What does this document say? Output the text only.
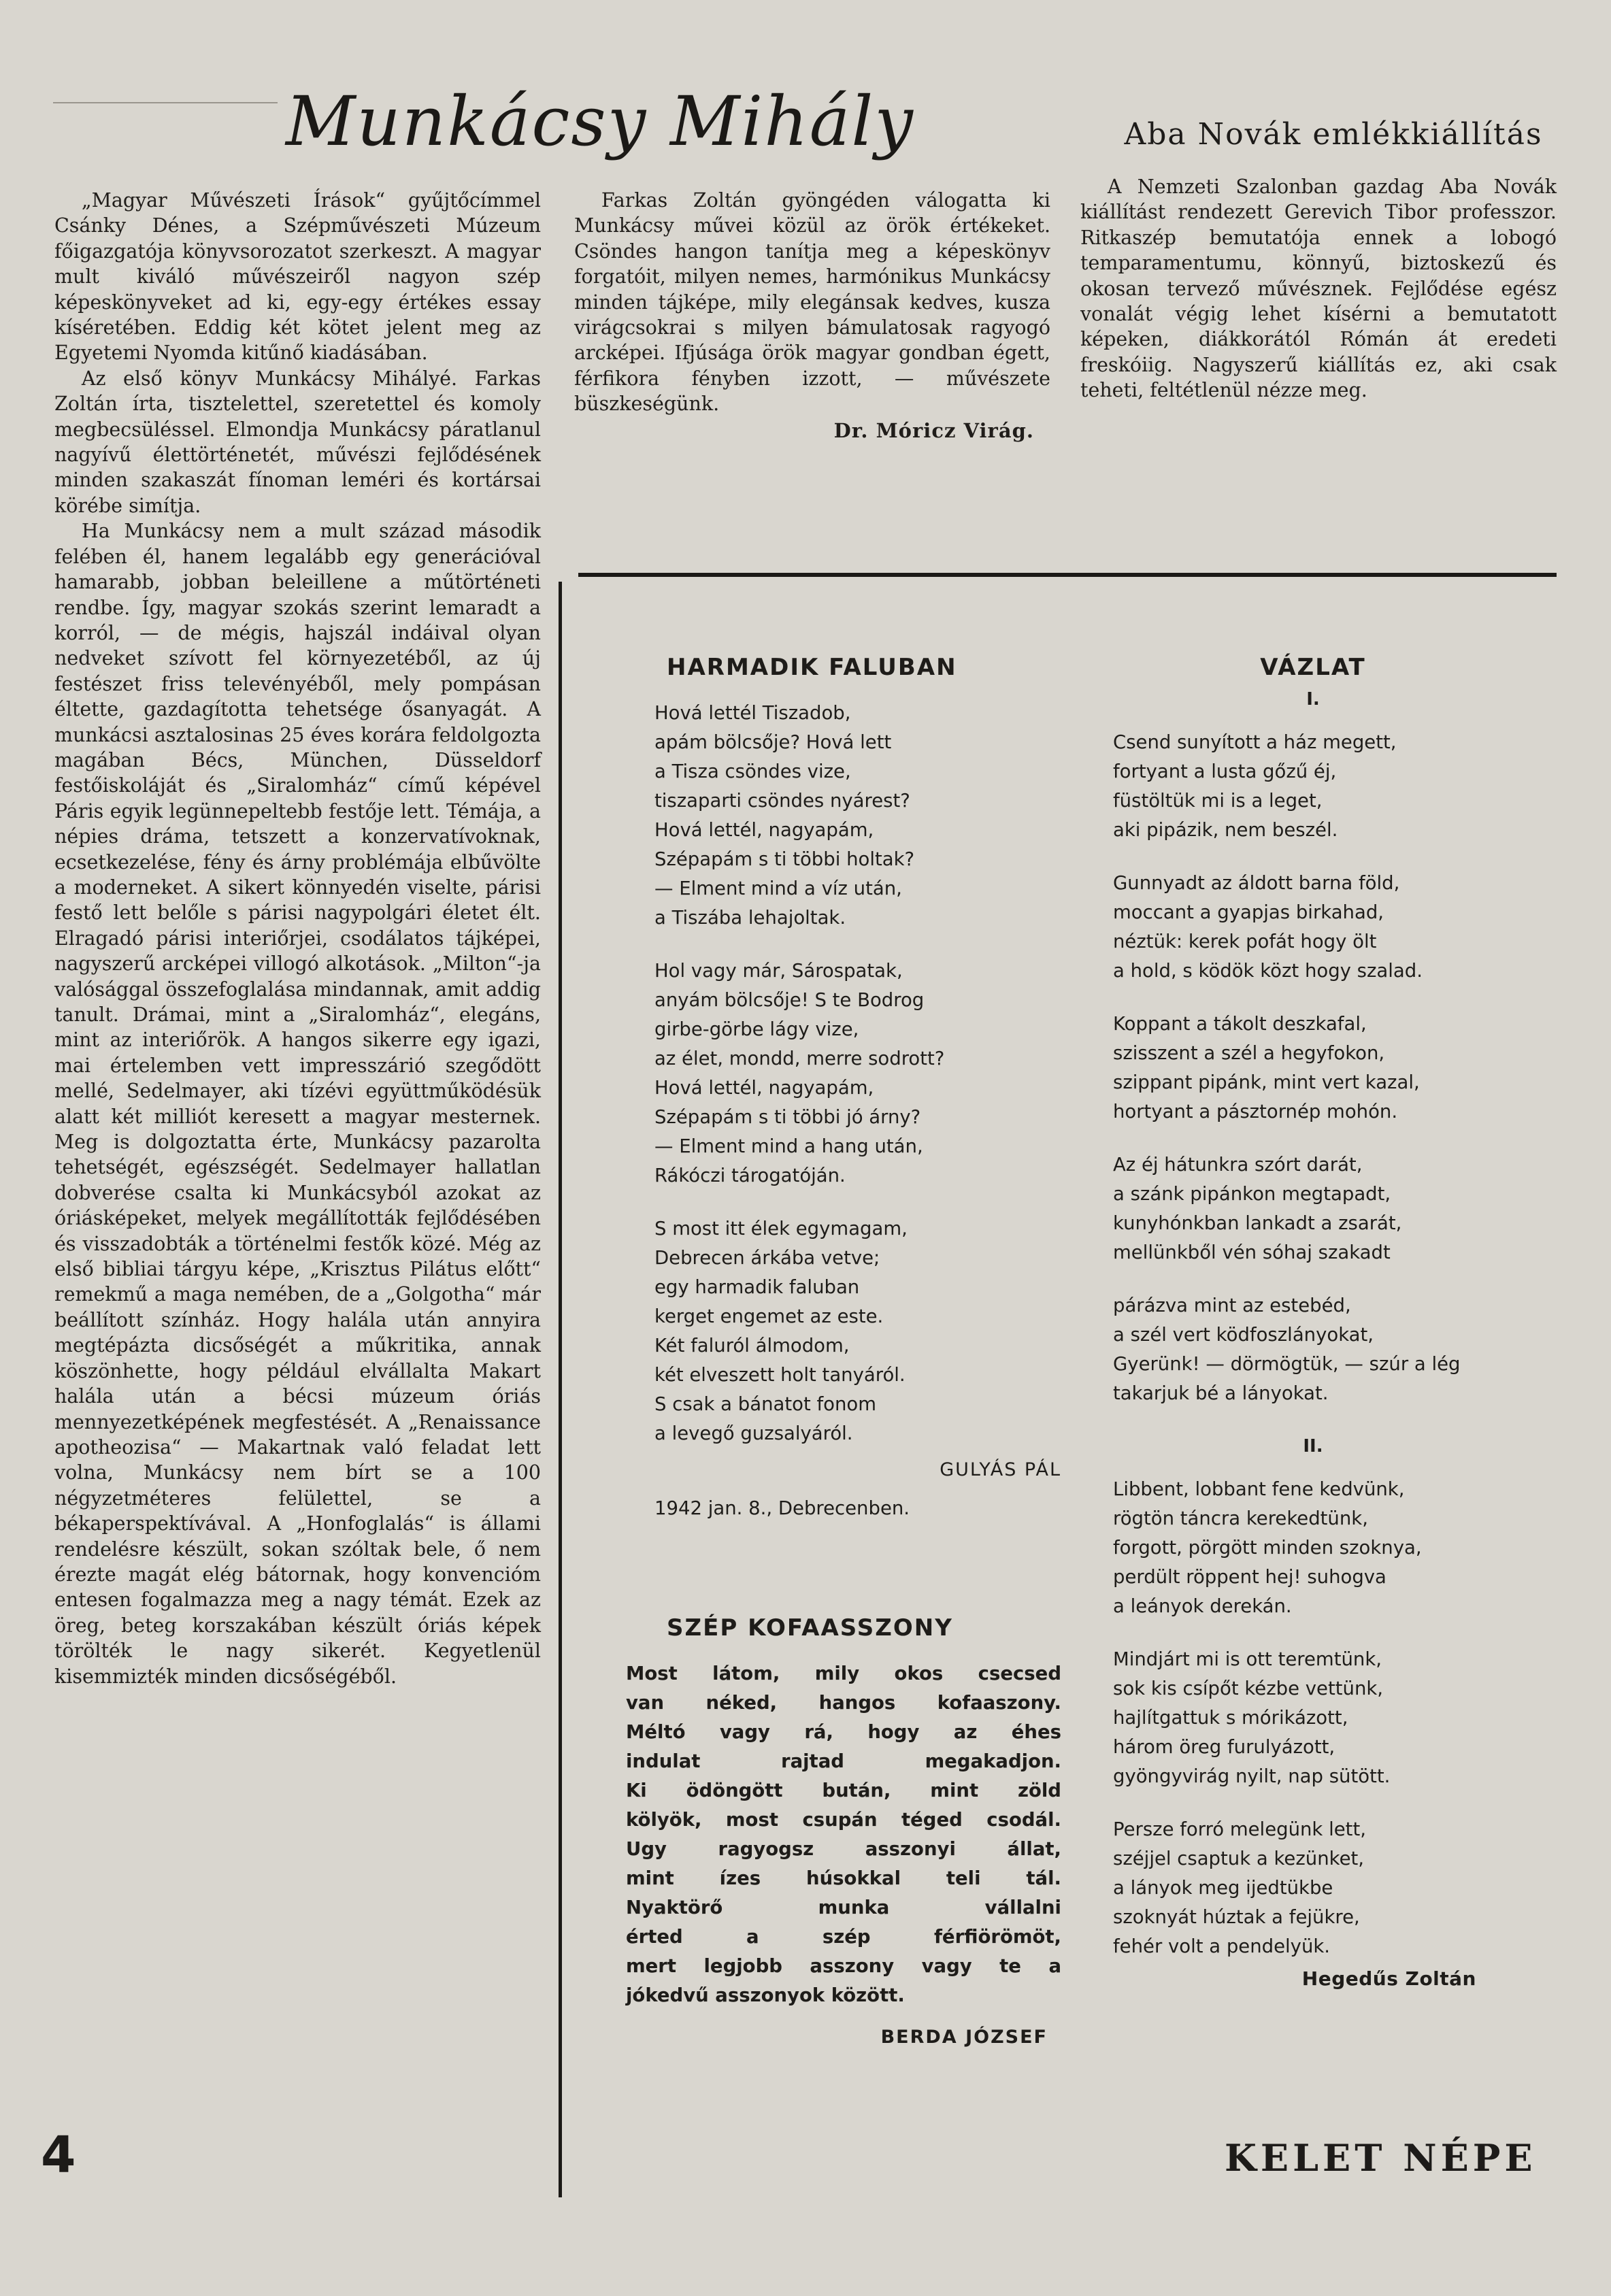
Munkácsy Mihály	Aba Novák emlékkiállítás

„Magyar Művészeti Írások“ gyűjtőcímmel Csánky Dénes, a Szépművészeti Múzeum főigazgatója könyvsorozatot szerkeszt. A magyar mult kiváló művészeiről nagyon szép képeskönyveket ad ki, egy-egy értékes essay kíséretében. Eddig két kötet jelent meg az Egyetemi Nyomda kitűnő kiadásában.

Az első könyv Munkácsy Mihályé. Farkas Zoltán írta, tisztelettel, szeretettel és komoly megbecsüléssel. Elmondja Munkácsy páratlanul nagyívű élettörténetét, művészi fejlődésének minden szakaszát fínoman leméri és kortársai körébe simítja.

Ha Munkácsy nem a mult század második felében él, hanem legalább egy generációval hamarabb, jobban beleillene a műtörténeti rendbe. Így, magyar szokás szerint lemaradt a korról, — de mégis, hajszál indáival olyan nedveket szívott fel környezetéből, az új festészet friss televényéből, mely pompásan éltette, gazdagította tehetsége ősanyagát. A munkácsi asztalosinas 25 éves korára feldolgozta magában Bécs, München, Düsseldorf festőiskoláját és „Siralomház“ című képével Páris egyik legünnepeltebb festője lett. Témája, a népies dráma, tetszett a konzervatívoknak, ecsetkezelése, fény és árny problémája elbűvölte a moderneket. A sikert könnyedén viselte, párisi festő lett belőle s párisi nagypolgári életet élt. Elragadó párisi interiőrjei, csodálatos tájképei, nagyszerű arcképei villogó alkotások. „Milton“-ja valósággal összefoglalása mindannak, amit addig tanult. Drámai, mint a „Siralomház“, elegáns, mint az interiőrök. A hangos sikerre egy igazi, mai értelemben vett impresszárió szegődött mellé, Sedelmayer, aki tízévi együttműködésük alatt két milliót keresett a magyar mesternek. Meg is dolgoztatta érte, Munkácsy pazarolta tehetségét, egészségét. Sedelmayer hallatlan dobverése csalta ki Munkácsyból azokat az óriásképeket, melyek megállították fejlődésében és visszadobták a történelmi festők közé. Még az első bibliai tárgyu képe, „Krisztus Pilátus előtt“ remekmű a maga nemében, de a „Golgotha“ már beállított színház. Hogy halála után annyira megtépázta dicsőségét a műkritika, annak köszönhette, hogy például elvállalta Makart halála után a bécsi múzeum óriás mennyezetképének megfestését. A „Renaissance apotheozisa“ — Makartnak való feladat lett volna, Munkácsy nem bírt se a 100 négyzetméteres felülettel, se a békaperspektívával. A „Honfoglalás“ is állami rendelésre készült, sokan szóltak bele, ő nem érezte magát elég bátornak, hogy konvencióm entesen fogalmazza meg a nagy témát. Ezek az öreg, beteg korszakában készült óriás képek törölték le nagy sikerét. Kegyetlenül kisemmizték minden dicsőségéből.

Farkas Zoltán gyöngéden válogatta ki Munkácsy művei közül az örök értékeket. Csöndes hangon tanítja meg a képeskönyv forgatóit, milyen nemes, harmónikus Munkácsy minden tájképe, mily elegánsak kedves, kusza virágcsokrai s milyen bámulatosak ragyogó arcképei. Ifjúsága örök magyar gondban égett, férfikora fényben izzott, — művészete büszkeségünk.

Dr. Móricz Virág.

A Nemzeti Szalonban gazdag Aba Novák kiállítást rendezett Gerevich Tibor professzor. Ritkaszép bemutatója ennek a lobogó temparamentumu, könnyű, biztoskezű és okosan tervező művésznek. Fejlődése egész vonalát végig lehet kísérni a bemutatott képeken, diákkorától Rómán át eredeti freskóiig. Nagyszerű kiállítás ez, aki csak teheti, feltétlenül nézze meg.

HARMADIK FALUBAN
Hová lettél Tiszadob,
apám bölcsője? Hová lett
a Tisza csöndes vize,
tiszaparti csöndes nyárest?
Hová lettél, nagyapám,
Szépapám s ti többi holtak?
— Elment mind a víz után,
a Tiszába lehajoltak.
Hol vagy már, Sárospatak,
anyám bölcsője! S te Bodrog
girbe-görbe lágy vize,
az élet, mondd, merre sodrott?
Hová lettél, nagyapám,
Szépapám s ti többi jó árny?
— Elment mind a hang után,
Rákóczi tárogatóján.
S most itt élek egymagam,
Debrecen árkába vetve;
egy harmadik faluban
kerget engemet az este.
Két faluról álmodom,
két elveszett holt tanyáról.
S csak a bánatot fonom
a levegő guzsalyáról.
GULYÁS PÁL
1942 jan. 8., Debrecenben.
SZÉP KOFAASSZONY
Most látom, mily okos csecsed
van néked, hangos kofaaszony.
Méltó vagy rá, hogy az éhes
indulat rajtad megakadjon.
Ki ödöngött bután, mint zöld
kölyök, most csupán téged csodál.
Ugy ragyogsz asszonyi állat,
mint ízes húsokkal teli tál.
Nyaktörő munka vállalni
érted a szép férfiörömöt,
mert legjobb asszony vagy te a
jókedvű asszonyok között.
BERDA JÓZSEF
VÁZLAT
I.
Csend sunyított a ház megett,
fortyant a lusta gőzű éj,
füstöltük mi is a leget,
aki pipázik, nem beszél.
Gunnyadt az áldott barna föld,
moccant a gyapjas birkahad,
néztük: kerek pofát hogy ölt
a hold, s ködök közt hogy szalad.
Koppant a tákolt deszkafal,
szisszent a szél a hegyfokon,
szippant pipánk, mint vert kazal,
hortyant a pásztornép mohón.
Az éj hátunkra szórt darát,
a szánk pipánkon megtapadt,
kunyhónkban lankadt a zsarát,
mellünkből vén sóhaj szakadt
párázva mint az estebéd,
a szél vert ködfoszlányokat,
Gyerünk! — dörmögtük, — szúr a lég
takarjuk bé a lányokat.
II.
Libbent, lobbant fene kedvünk,
rögtön táncra kerekedtünk,
forgott, pörgött minden szoknya,
perdült röppent hej! suhogva
a leányok derekán.
Mindjárt mi is ott teremtünk,
sok kis csípőt kézbe vettünk,
hajlítgattuk s mórikázott,
három öreg furulyázott,
gyöngyvirág nyilt, nap sütött.
Persze forró melegünk lett,
széjjel csaptuk a kezünket,
a lányok meg ijedtükbe
szoknyát húztak a fejükre,
fehér volt a pendelyük.
Hegedűs Zoltán
4	KELET NÉPE
